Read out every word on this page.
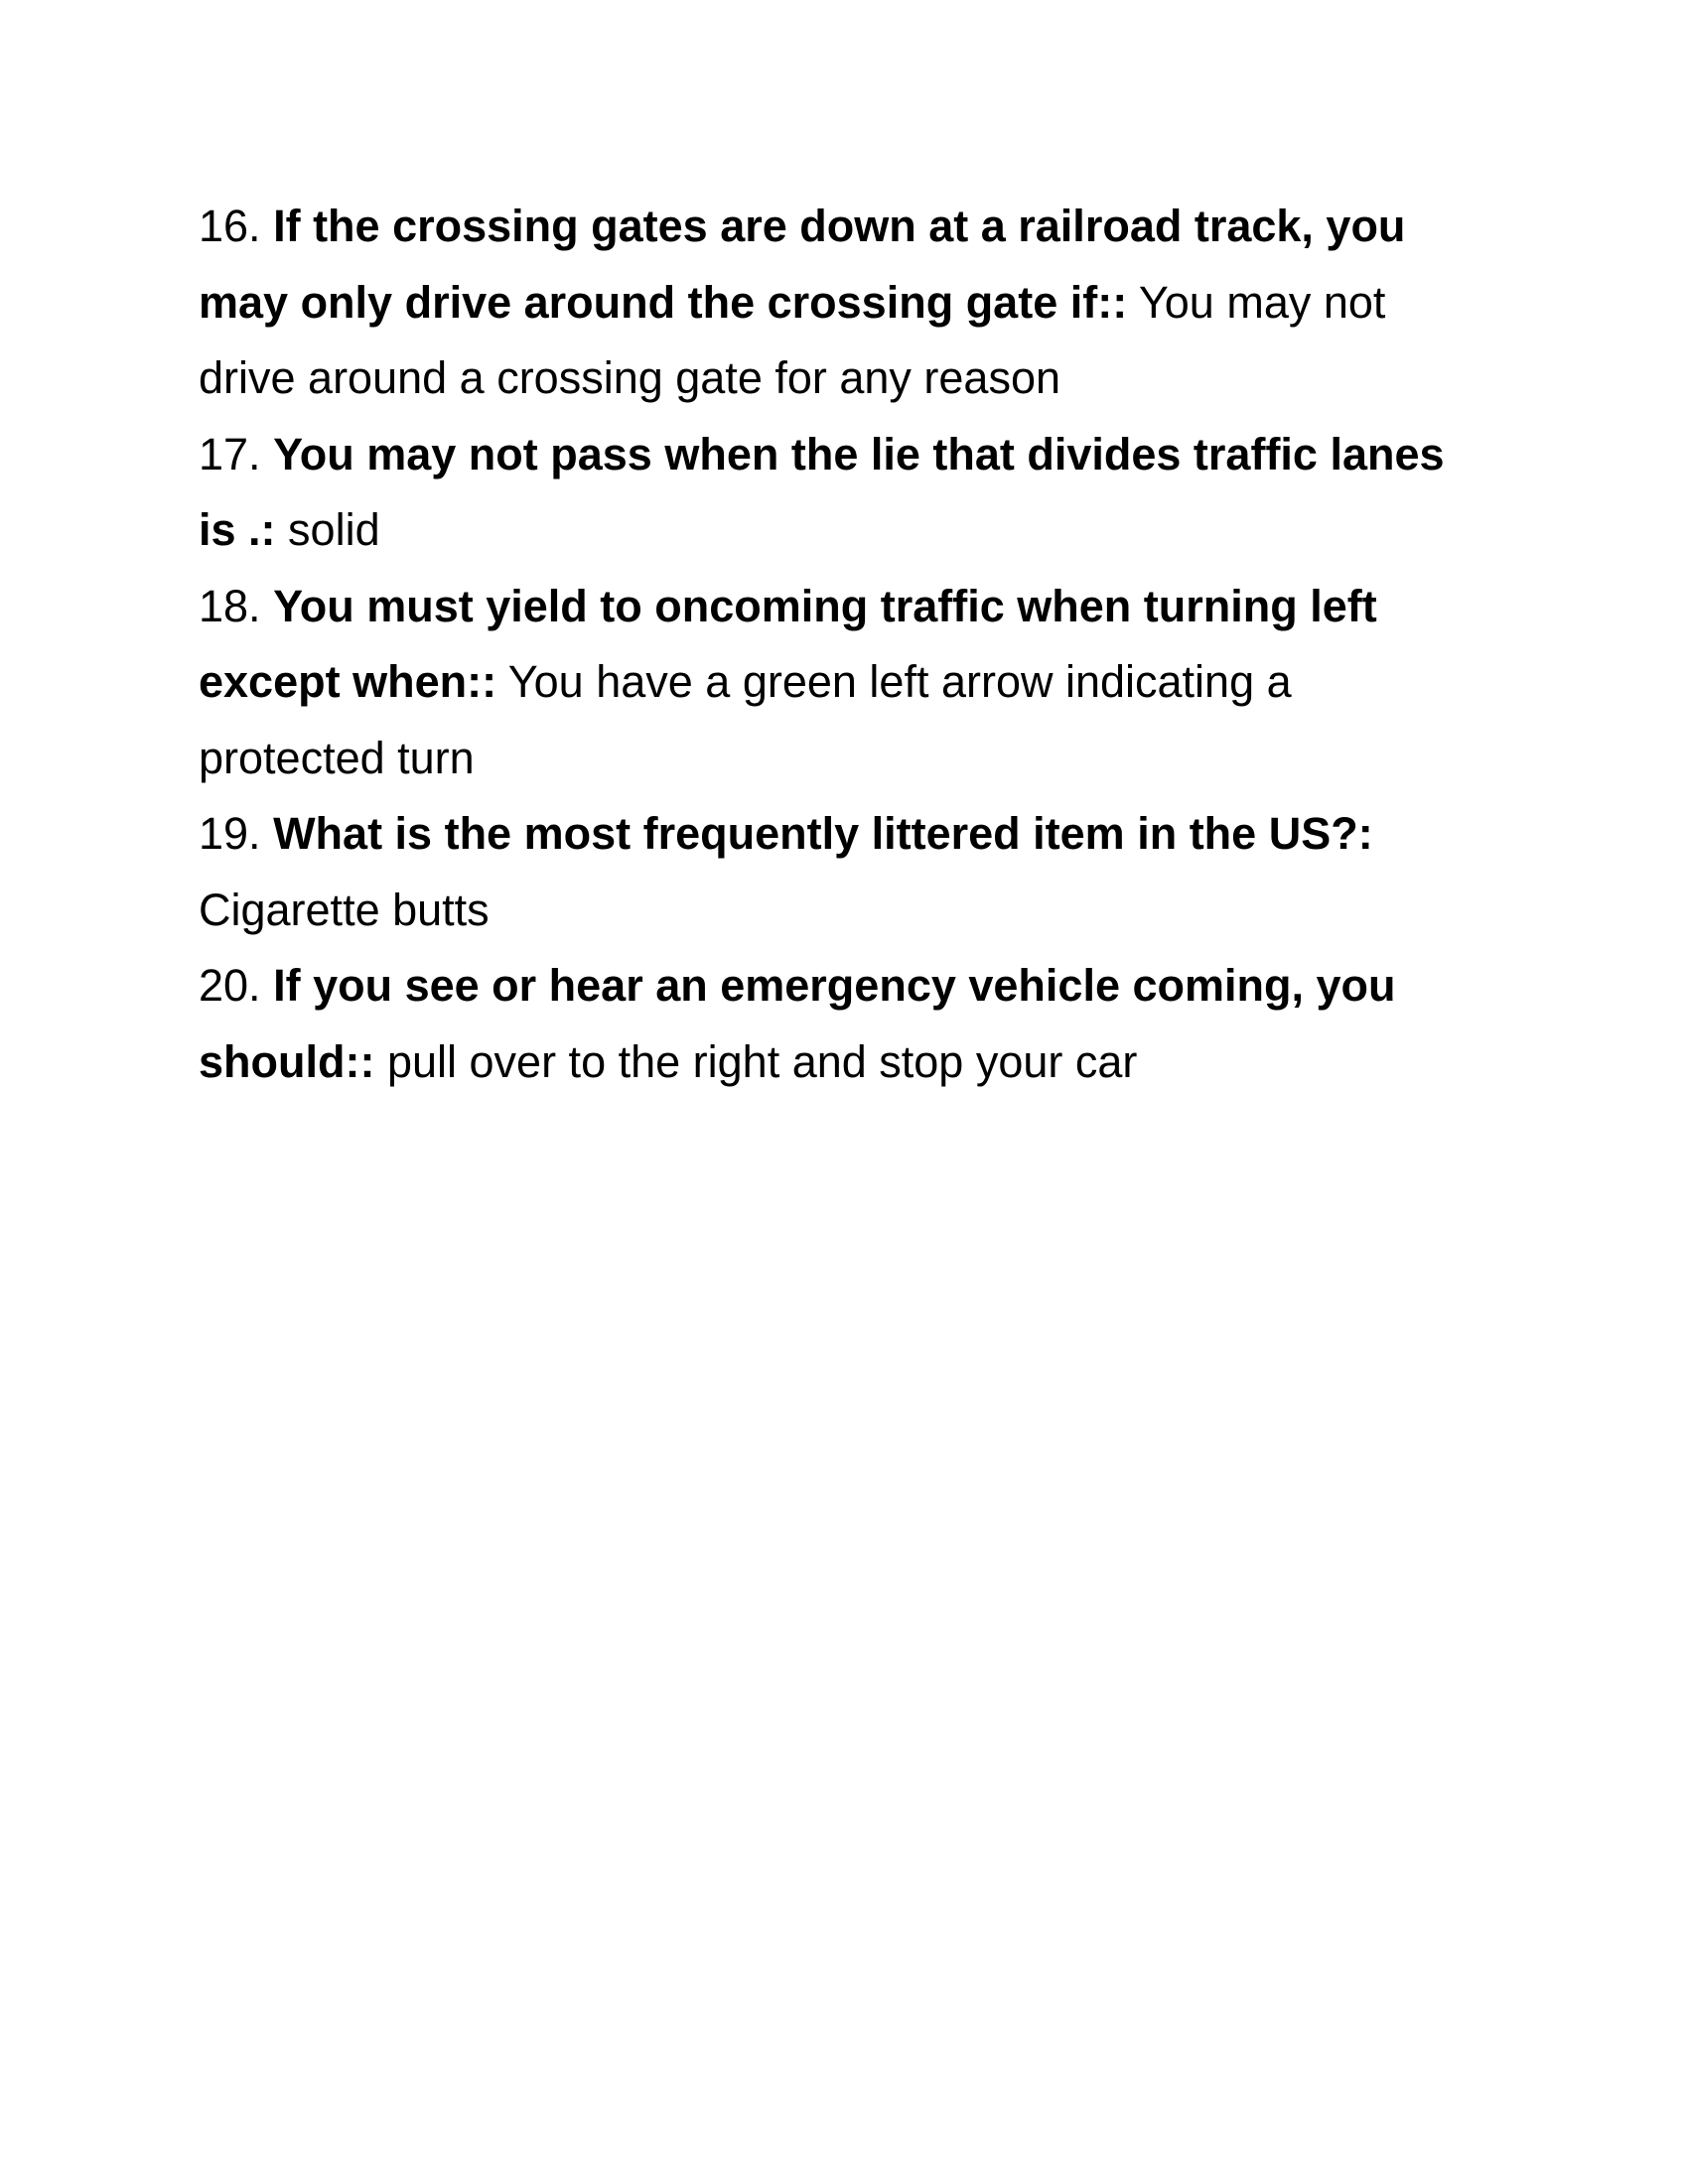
16. If the crossing gates are down at a railroad track, you may only drive around the crossing gate if:: You may not drive around a crossing gate for any reason

17. You may not pass when the lie that divides traffic lanes is .: solid

18. You must yield to oncoming traffic when turning left except when:: You have a green left arrow indicating a protected turn

19. What is the most frequently littered item in the US?: Cigarette butts

20. If you see or hear an emergency vehicle coming, you should:: pull over to the right and stop your car
